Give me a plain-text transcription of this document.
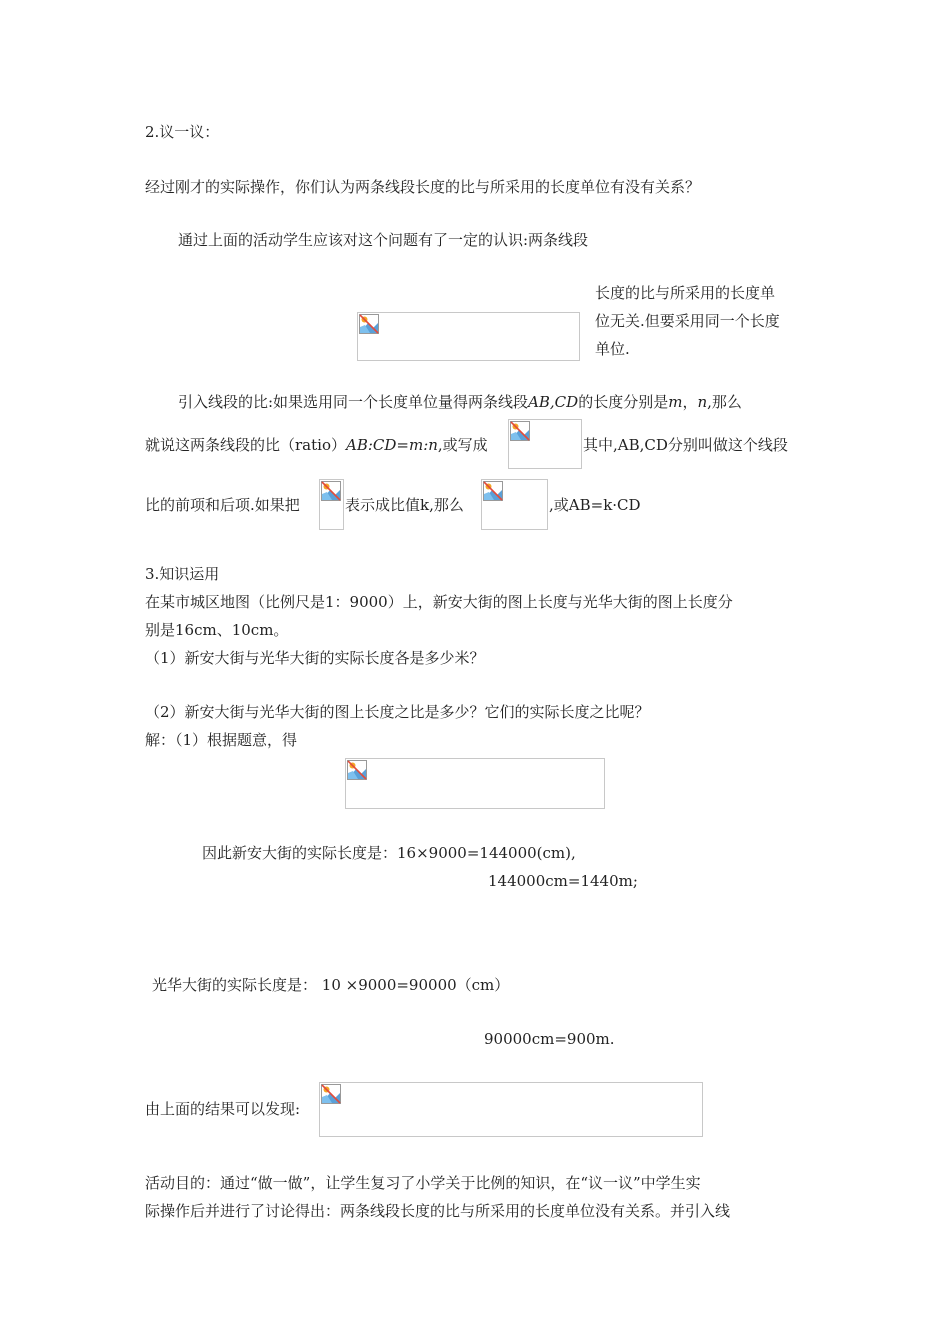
2.议一议：
经过刚才的实际操作，你们认为两条线段长度的比与所采用的长度单位有没有关系？
通过上面的活动学生应该对这个问题有了一定的认识:两条线段
长度的比与所采用的长度单
位无关.但要采用同一个长度
单位.
引入线段的比:如果选用同一个长度单位量得两条线段AB,CD的长度分别是m，n,那么
就说这两条线段的比（ratio）AB:CD=m:n,或写成	其中,AB,CD分别叫做这个线段
比的前项和后项.如果把	表示成比值k,那么	,或AB=k·CD
3.知识运用
在某市城区地图（比例尺是1：9000）上，新安大街的图上长度与光华大街的图上长度分
别是16cm、10cm。
（1）新安大街与光华大街的实际长度各是多少米？
（2）新安大街与光华大街的图上长度之比是多少？它们的实际长度之比呢？
解：（1）根据题意，得
因此新安大街的实际长度是：16×9000=144000(cm),
144000cm=1440m;
光华大街的实际长度是： 10 ×9000=90000（cm）
90000cm=900m.
由上面的结果可以发现:
活动目的：通过“做一做”，让学生复习了小学关于比例的知识，在“议一议”中学生实
际操作后并进行了讨论得出：两条线段长度的比与所采用的长度单位没有关系。并引入线
